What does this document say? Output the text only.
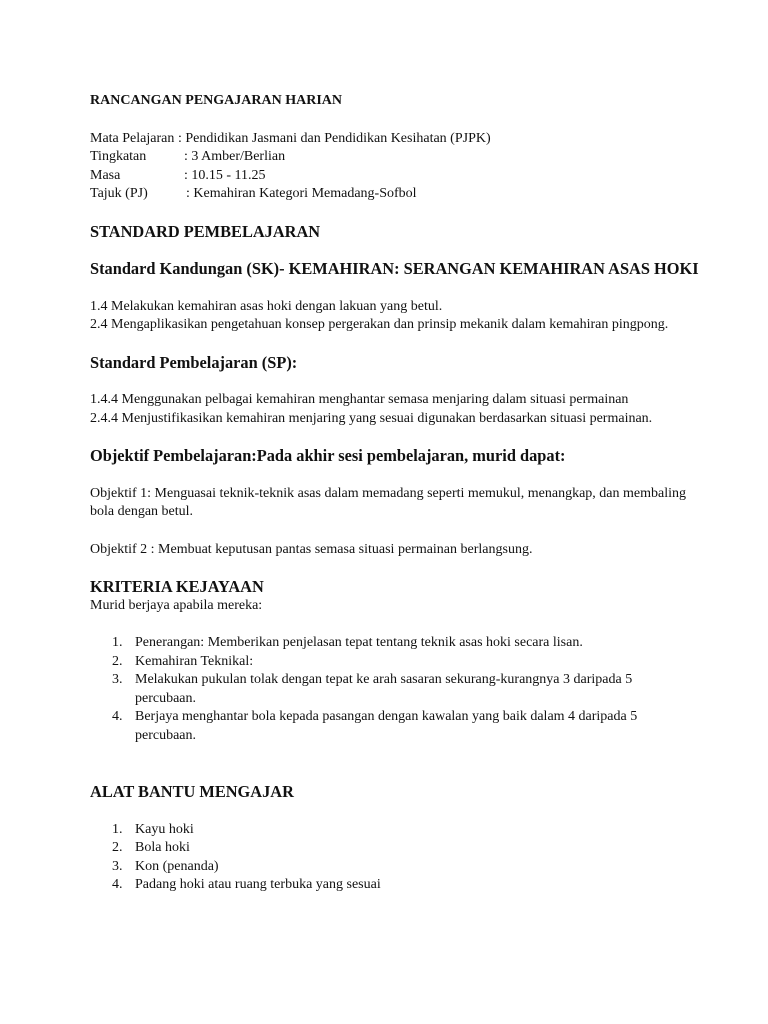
RANCANGAN PENGAJARAN HARIAN
Mata Pelajaran : Pendidikan Jasmani dan Pendidikan Kesihatan (PJPK)
Tingkatan	: 3 Amber/Berlian
Masa	: 10.15 - 11.25
Tajuk (PJ)	: Kemahiran Kategori Memadang-Sofbol
STANDARD PEMBELAJARAN
Standard Kandungan (SK)- KEMAHIRAN: SERANGAN KEMAHIRAN ASAS HOKI

1.4 Melakukan kemahiran asas hoki dengan lakuan yang betul.

2.4 Mengaplikasikan pengetahuan konsep pergerakan dan prinsip mekanik dalam kemahiran pingpong.

Standard Pembelajaran (SP):

1.4.4 Menggunakan pelbagai kemahiran menghantar semasa menjaring dalam situasi permainan

2.4.4 Menjustifikasikan kemahiran menjaring yang sesuai digunakan berdasarkan situasi permainan.

Objektif Pembelajaran:Pada akhir sesi pembelajaran, murid dapat:

Objektif 1: Menguasai teknik-teknik asas dalam memadang seperti memukul, menangkap, dan membaling bola dengan betul.

Objektif 2 : Membuat keputusan pantas semasa situasi permainan berlangsung.

KRITERIA KEJAYAAN

Murid berjaya apabila mereka:

1. Penerangan: Memberikan penjelasan tepat tentang teknik asas hoki secara lisan.
2. Kemahiran Teknikal:
3. Melakukan pukulan tolak dengan tepat ke arah sasaran sekurang-kurangnya 3 daripada 5 percubaan.
4. Berjaya menghantar bola kepada pasangan dengan kawalan yang baik dalam 4 daripada 5 percubaan.
ALAT BANTU MENGAJAR
1. Kayu hoki
2. Bola hoki
3. Kon (penanda)
4. Padang hoki atau ruang terbuka yang sesuai
